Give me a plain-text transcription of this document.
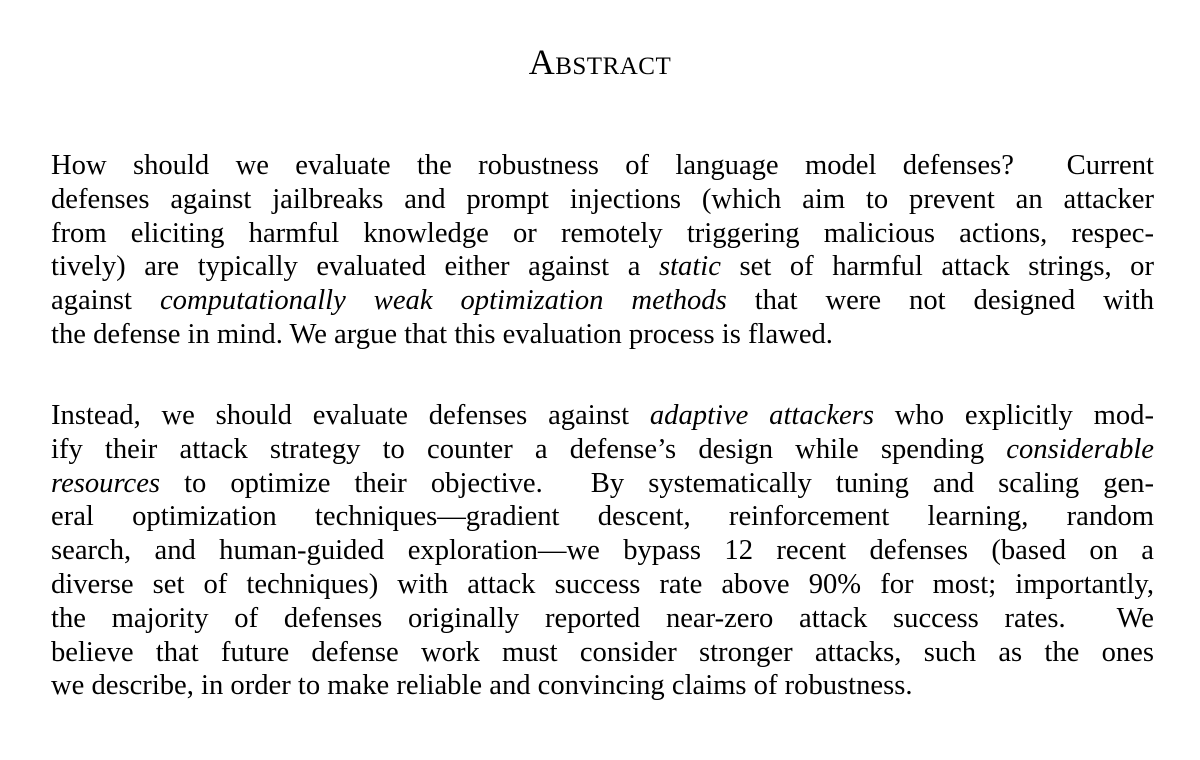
Abstract

How should we evaluate the robustness of language model defenses?  Current
defenses against jailbreaks and prompt injections (which aim to prevent an attacker
from eliciting harmful knowledge or remotely triggering malicious actions, respec-
tively) are typically evaluated either against a static set of harmful attack strings, or
against computationally weak optimization methods that were not designed with
the defense in mind. We argue that this evaluation process is flawed.

Instead, we should evaluate defenses against adaptive attackers who explicitly mod-
ify their attack strategy to counter a defense’s design while spending considerable
resources to optimize their objective.  By systematically tuning and scaling gen-
eral optimization techniques—gradient descent, reinforcement learning, random
search, and human-guided exploration—we bypass 12 recent defenses (based on a
diverse set of techniques) with attack success rate above 90% for most; importantly,
the majority of defenses originally reported near-zero attack success rates.  We
believe that future defense work must consider stronger attacks, such as the ones
we describe, in order to make reliable and convincing claims of robustness.
